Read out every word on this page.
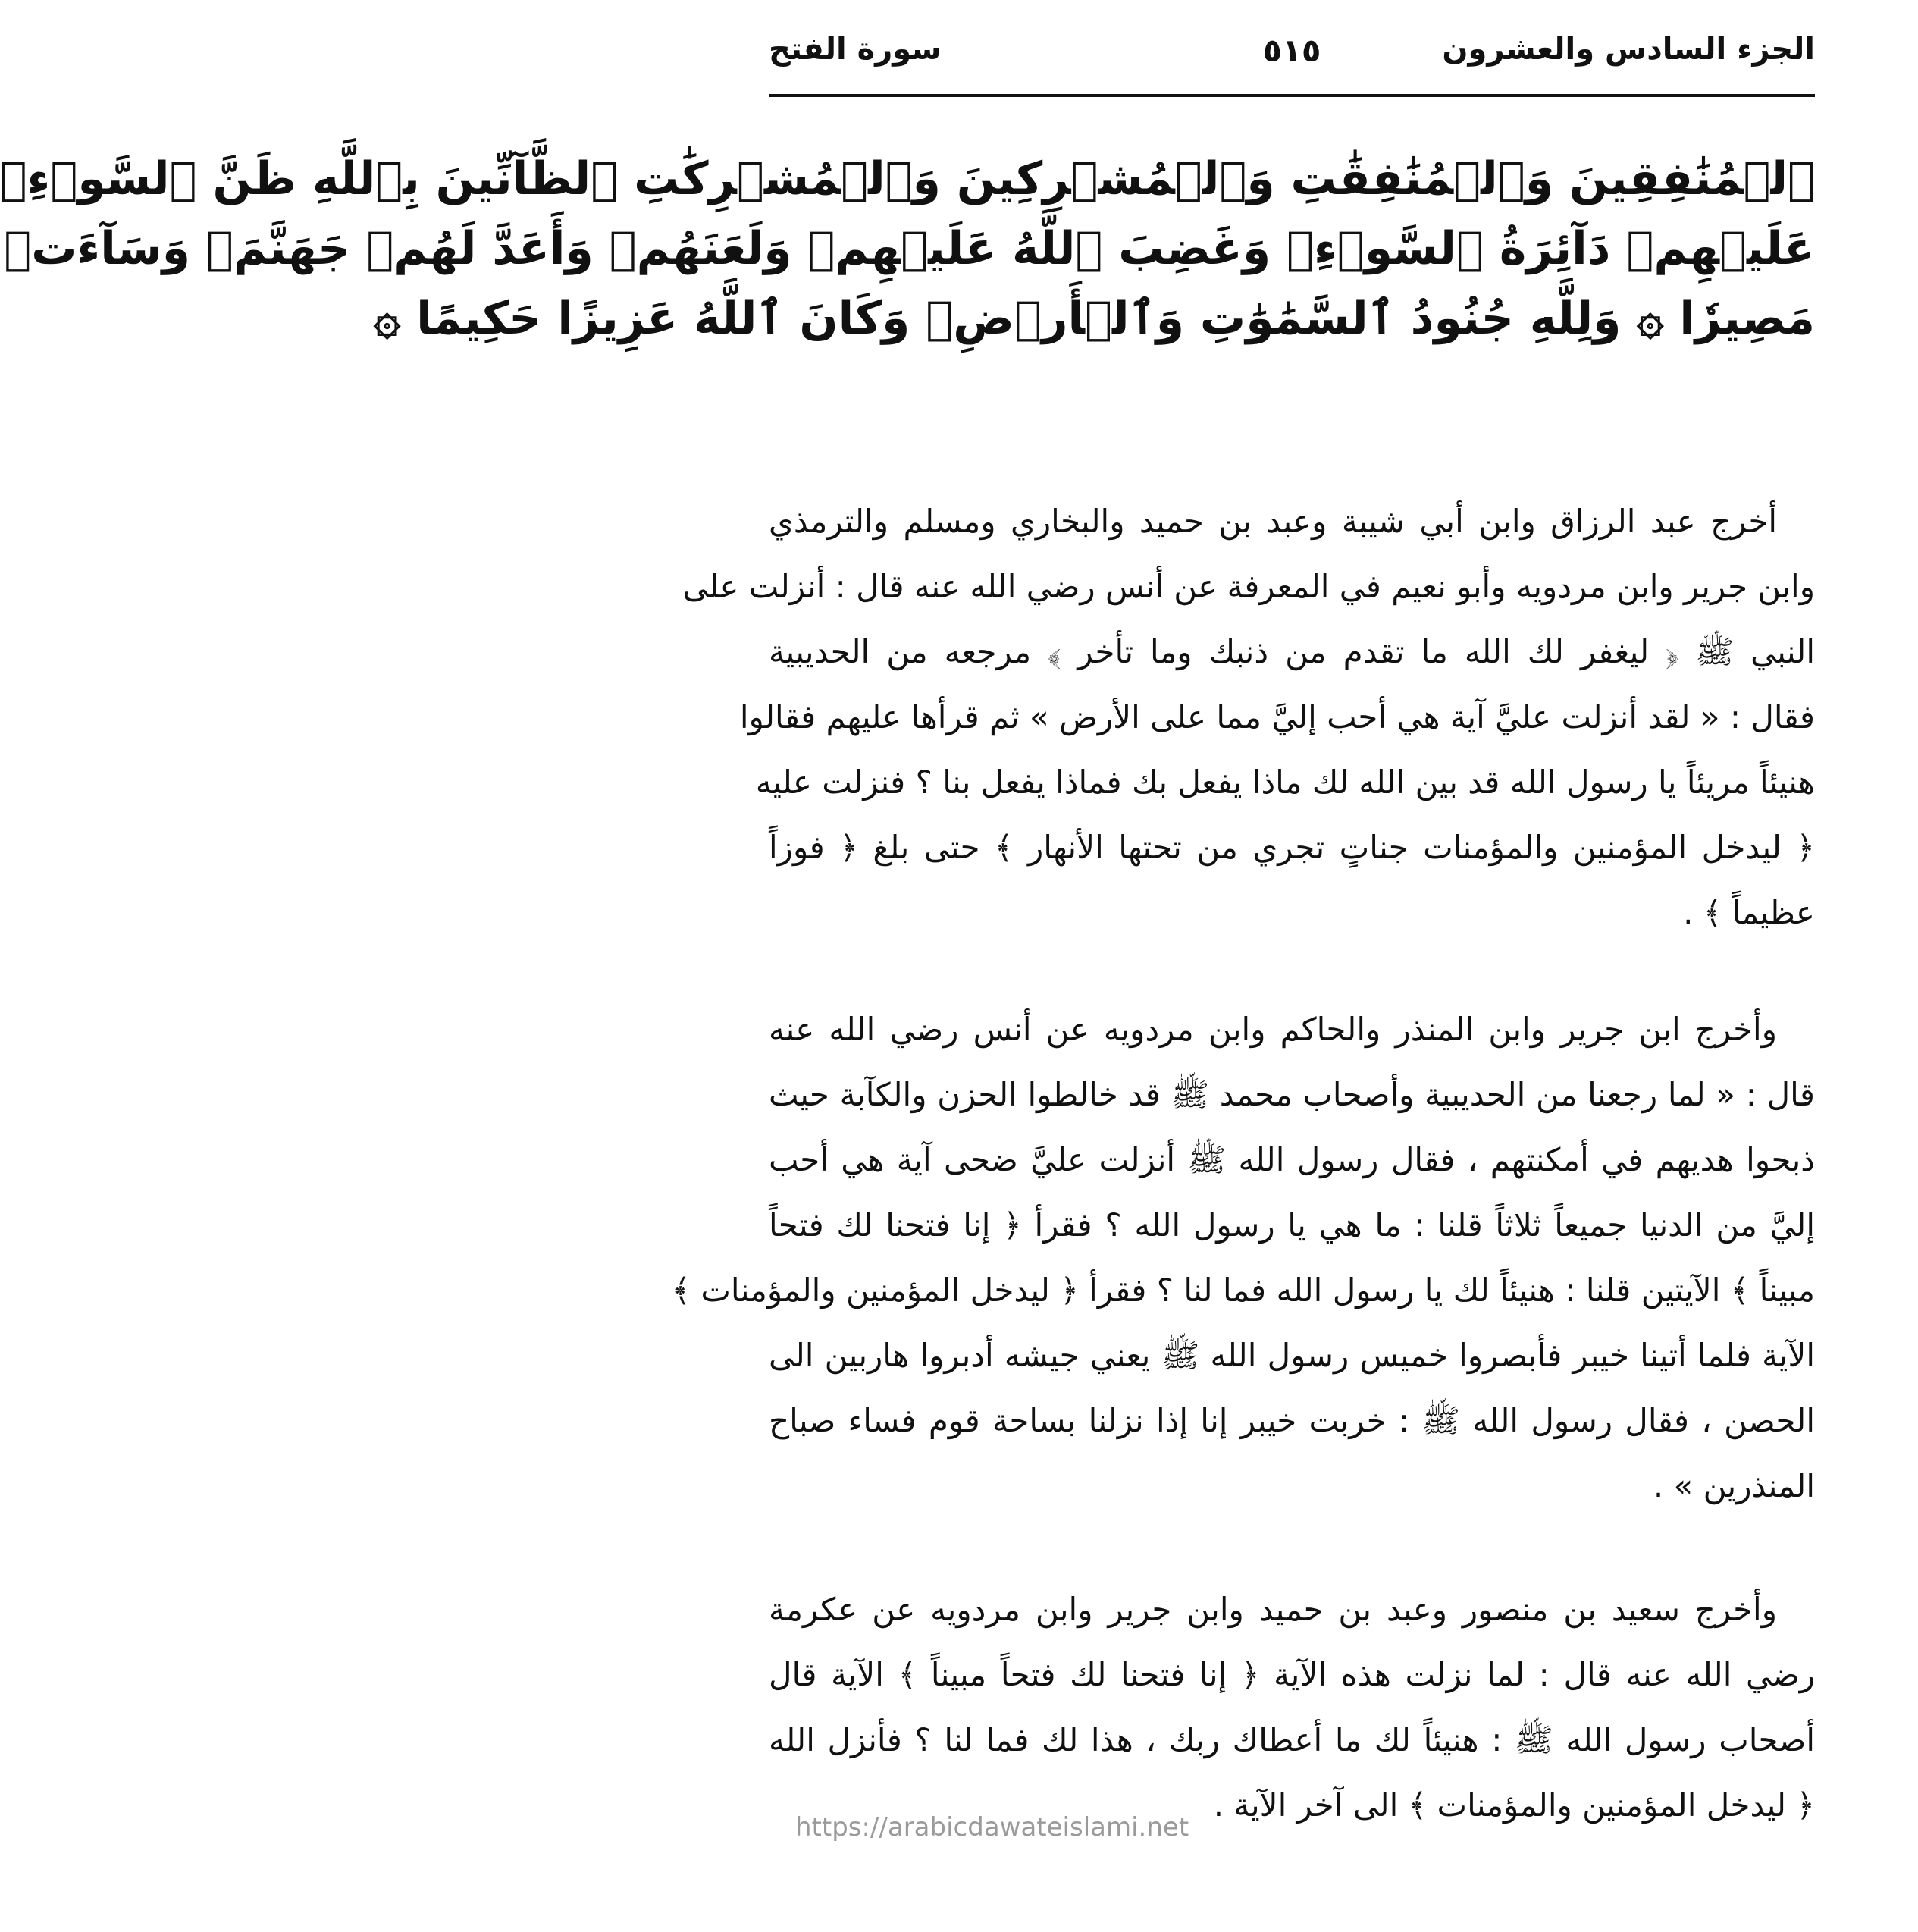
الجزء السادس والعشرون
٥١٥
سورة الفتح
ٱلۡمُنَٰفِقِينَ وَٱلۡمُنَٰفِقَٰتِ وَٱلۡمُشۡرِكِينَ وَٱلۡمُشۡرِكَٰتِ ٱلظَّآنِّينَ بِٱللَّهِ ظَنَّ ٱلسَّوۡءِۚ
عَلَيۡهِمۡ دَآئِرَةُ ٱلسَّوۡءِۖ وَغَضِبَ ٱللَّهُ عَلَيۡهِمۡ وَلَعَنَهُمۡ وَأَعَدَّ لَهُمۡ جَهَنَّمَۖ وَسَآءَتۡ
مَصِيرٗا ۞ وَلِلَّهِ جُنُودُ ٱلسَّمَٰوَٰتِ وَٱلۡأَرۡضِۚ وَكَانَ ٱللَّهُ عَزِيزًا حَكِيمًا ۞
أخرج عبد الرزاق وابن أبي شيبة وعبد بن حميد والبخاري ومسلم والترمذي
وابن جرير وابن مردويه وأبو نعيم في المعرفة عن أنس رضي الله عنه قال : أنزلت على
النبي ﷺ ﴿ ليغفر لك الله ما تقدم من ذنبك وما تأخر ﴾ مرجعه من الحديبية
فقال : « لقد أنزلت عليَّ آية هي أحب إليَّ مما على الأرض » ثم قرأها عليهم فقالوا
هنيئاً مريئاً يا رسول الله قد بين الله لك ماذا يفعل بك فماذا يفعل بنا ؟ فنزلت عليه
﴿ ليدخل المؤمنين والمؤمنات جناتٍ تجري من تحتها الأنهار ﴾ حتى بلغ ﴿ فوزاً
عظيماً ﴾ .
وأخرج ابن جرير وابن المنذر والحاكم وابن مردويه عن أنس رضي الله عنه
قال : « لما رجعنا من الحديبية وأصحاب محمد ﷺ قد خالطوا الحزن والكآبة حيث
ذبحوا هديهم في أمكنتهم ، فقال رسول الله ﷺ أنزلت عليَّ ضحى آية هي أحب
إليَّ من الدنيا جميعاً ثلاثاً قلنا : ما هي يا رسول الله ؟ فقرأ ﴿ إنا فتحنا لك فتحاً
مبيناً ﴾ الآيتين قلنا : هنيئاً لك يا رسول الله فما لنا ؟ فقرأ ﴿ ليدخل المؤمنين والمؤمنات ﴾
الآية فلما أتينا خيبر فأبصروا خميس رسول الله ﷺ يعني جيشه أدبروا هاربين الى
الحصن ، فقال رسول الله ﷺ : خربت خيبر إنا إذا نزلنا بساحة قوم فساء صباح
المنذرين » .
وأخرج سعيد بن منصور وعبد بن حميد وابن جرير وابن مردويه عن عكرمة
رضي الله عنه قال : لما نزلت هذه الآية ﴿ إنا فتحنا لك فتحاً مبيناً ﴾ الآية قال
أصحاب رسول الله ﷺ : هنيئاً لك ما أعطاك ربك ، هذا لك فما لنا ؟ فأنزل الله
﴿ ليدخل المؤمنين والمؤمنات ﴾ الى آخر الآية .
https://arabicdawateislami.net
